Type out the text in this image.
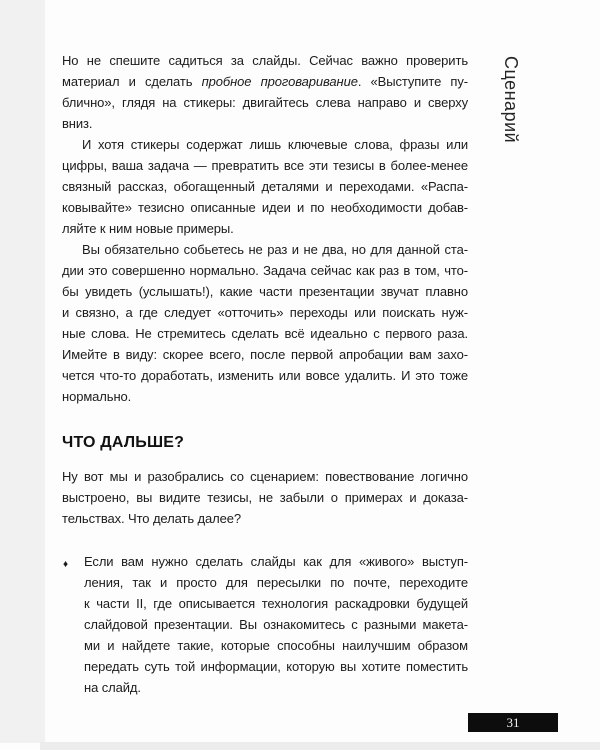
Сценарий
Но не спешите садиться за слайды. Сейчас важно проверить
материал и сделать пробное проговаривание. «Выступите пу-
блично», глядя на стикеры: двигайтесь слева направо и сверху
вниз.
И хотя стикеры содержат лишь ключевые слова, фразы или
цифры, ваша задача — превратить все эти тезисы в более-менее
связный рассказ, обогащенный деталями и переходами. «Распа-
ковывайте» тезисно описанные идеи и по необходимости добав-
ляйте к ним новые примеры.
Вы обязательно собьетесь не раз и не два, но для данной ста-
дии это совершенно нормально. Задача сейчас как раз в том, что-
бы увидеть (услышать!), какие части презентации звучат плавно
и связно, а где следует «отточить» переходы или поискать нуж-
ные слова. Не стремитесь сделать всё идеально с первого раза.
Имейте в виду: скорее всего, после первой апробации вам захо-
чется что-то доработать, изменить или вовсе удалить. И это тоже
нормально.
ЧТО ДАЛЬШЕ?
Ну вот мы и разобрались со сценарием: повествование логично
выстроено, вы видите тезисы, не забыли о примерах и доказа-
тельствах. Что делать далее?
♦ Если вам нужно сделать слайды как для «живого» выступ-
ления, так и просто для пересылки по почте, переходите
к части II, где описывается технология раскадровки будущей
слайдовой презентации. Вы ознакомитесь с разными макета-
ми и найдете такие, которые способны наилучшим образом
передать суть той информации, которую вы хотите поместить
на слайд.
31
